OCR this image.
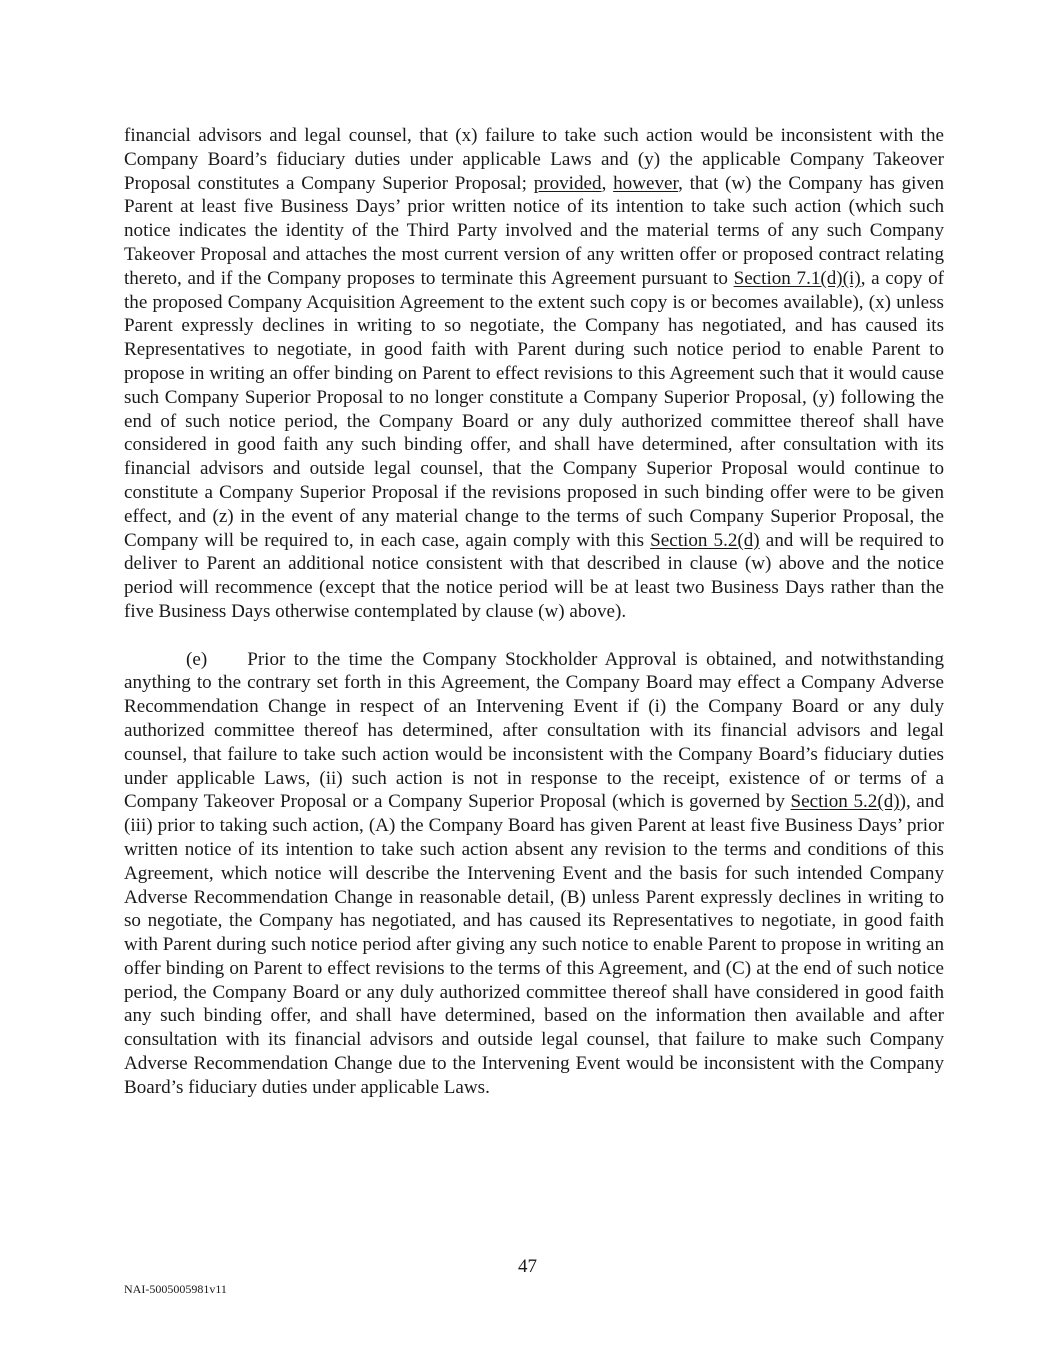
financial advisors and legal counsel, that (x) failure to take such action would be inconsistent with the Company Board’s fiduciary duties under applicable Laws and (y) the applicable Company Takeover Proposal constitutes a Company Superior Proposal; provided, however, that (w) the Company has given Parent at least five Business Days’ prior written notice of its intention to take such action (which such notice indicates the identity of the Third Party involved and the material terms of any such Company Takeover Proposal and attaches the most current version of any written offer or proposed contract relating thereto, and if the Company proposes to terminate this Agreement pursuant to Section 7.1(d)(i), a copy of the proposed Company Acquisition Agreement to the extent such copy is or becomes available), (x) unless Parent expressly declines in writing to so negotiate, the Company has negotiated, and has caused its Representatives to negotiate, in good faith with Parent during such notice period to enable Parent to propose in writing an offer binding on Parent to effect revisions to this Agreement such that it would cause such Company Superior Proposal to no longer constitute a Company Superior Proposal, (y) following the end of such notice period, the Company Board or any duly authorized committee thereof shall have considered in good faith any such binding offer, and shall have determined, after consultation with its financial advisors and outside legal counsel, that the Company Superior Proposal would continue to constitute a Company Superior Proposal if the revisions proposed in such binding offer were to be given effect, and (z) in the event of any material change to the terms of such Company Superior Proposal, the Company will be required to, in each case, again comply with this Section 5.2(d) and will be required to deliver to Parent an additional notice consistent with that described in clause (w) above and the notice period will recommence (except that the notice period will be at least two Business Days rather than the five Business Days otherwise contemplated by clause (w) above).

(e) Prior to the time the Company Stockholder Approval is obtained, and notwithstanding anything to the contrary set forth in this Agreement, the Company Board may effect a Company Adverse Recommendation Change in respect of an Intervening Event if (i) the Company Board or any duly authorized committee thereof has determined, after consultation with its financial advisors and legal counsel, that failure to take such action would be inconsistent with the Company Board’s fiduciary duties under applicable Laws, (ii) such action is not in response to the receipt, existence of or terms of a Company Takeover Proposal or a Company Superior Proposal (which is governed by Section 5.2(d)), and (iii) prior to taking such action, (A) the Company Board has given Parent at least five Business Days’ prior written notice of its intention to take such action absent any revision to the terms and conditions of this Agreement, which notice will describe the Intervening Event and the basis for such intended Company Adverse Recommendation Change in reasonable detail, (B) unless Parent expressly declines in writing to so negotiate, the Company has negotiated, and has caused its Representatives to negotiate, in good faith with Parent during such notice period after giving any such notice to enable Parent to propose in writing an offer binding on Parent to effect revisions to the terms of this Agreement, and (C) at the end of such notice period, the Company Board or any duly authorized committee thereof shall have considered in good faith any such binding offer, and shall have determined, based on the information then available and after consultation with its financial advisors and outside legal counsel, that failure to make such Company Adverse Recommendation Change due to the Intervening Event would be inconsistent with the Company Board’s fiduciary duties under applicable Laws.

47
NAI-5005005981v11
